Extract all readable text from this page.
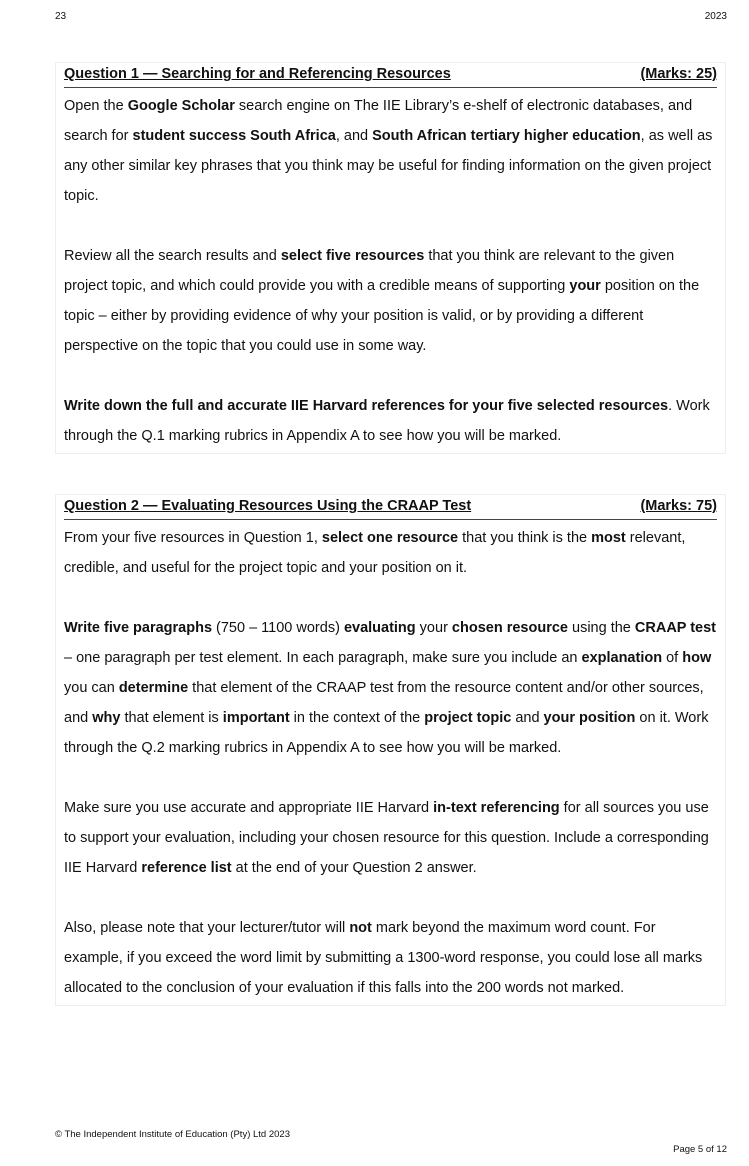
23	2023
Question 1 — Searching for and Referencing Resources	(Marks: 25)

Open the Google Scholar search engine on The IIE Library’s e-shelf of electronic databases, and search for student success South Africa, and South African tertiary higher education, as well as any other similar key phrases that you think may be useful for finding information on the given project topic.

Review all the search results and select five resources that you think are relevant to the given project topic, and which could provide you with a credible means of supporting your position on the topic – either by providing evidence of why your position is valid, or by providing a different perspective on the topic that you could use in some way.

Write down the full and accurate IIE Harvard references for your five selected resources. Work through the Q.1 marking rubrics in Appendix A to see how you will be marked.

Question 2 — Evaluating Resources Using the CRAAP Test	(Marks: 75)

From your five resources in Question 1, select one resource that you think is the most relevant, credible, and useful for the project topic and your position on it.

Write five paragraphs (750 – 1100 words) evaluating your chosen resource using the CRAAP test – one paragraph per test element. In each paragraph, make sure you include an explanation of how you can determine that element of the CRAAP test from the resource content and/or other sources, and why that element is important in the context of the project topic and your position on it. Work through the Q.2 marking rubrics in Appendix A to see how you will be marked.

Make sure you use accurate and appropriate IIE Harvard in-text referencing for all sources you use to support your evaluation, including your chosen resource for this question. Include a corresponding IIE Harvard reference list at the end of your Question 2 answer.

Also, please note that your lecturer/tutor will not mark beyond the maximum word count. For example, if you exceed the word limit by submitting a 1300-word response, you could lose all marks allocated to the conclusion of your evaluation if this falls into the 200 words not marked.

© The Independent Institute of Education (Pty) Ltd 2023
Page 5 of 12
